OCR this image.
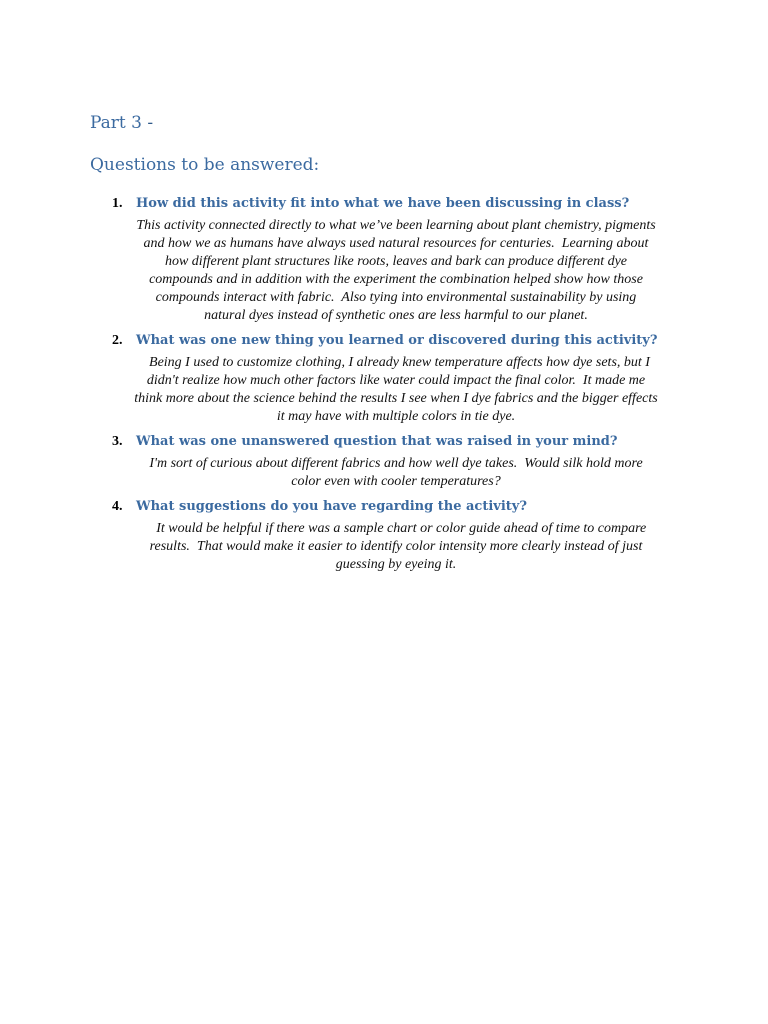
Part 3 -
Questions to be answered:
1.	How did this activity fit into what we have been discussing in class?

This activity connected directly to what we’ve been learning about plant chemistry, pigments
and how we as humans have always used natural resources for centuries.  Learning about
how different plant structures like roots, leaves and bark can produce different dye
compounds and in addition with the experiment the combination helped show how those
compounds interact with fabric.  Also tying into environmental sustainability by using
natural dyes instead of synthetic ones are less harmful to our planet.

2.	What was one new thing you learned or discovered during this activity?

Being I used to customize clothing, I already knew temperature affects how dye sets, but I
didn't realize how much other factors like water could impact the final color.  It made me
think more about the science behind the results I see when I dye fabrics and the bigger effects
it may have with multiple colors in tie dye.

3.	What was one unanswered question that was raised in your mind?

I'm sort of curious about different fabrics and how well dye takes.  Would silk hold more
color even with cooler temperatures?

4.	What suggestions do you have regarding the activity?

It would be helpful if there was a sample chart or color guide ahead of time to compare
results.  That would make it easier to identify color intensity more clearly instead of just
guessing by eyeing it.
